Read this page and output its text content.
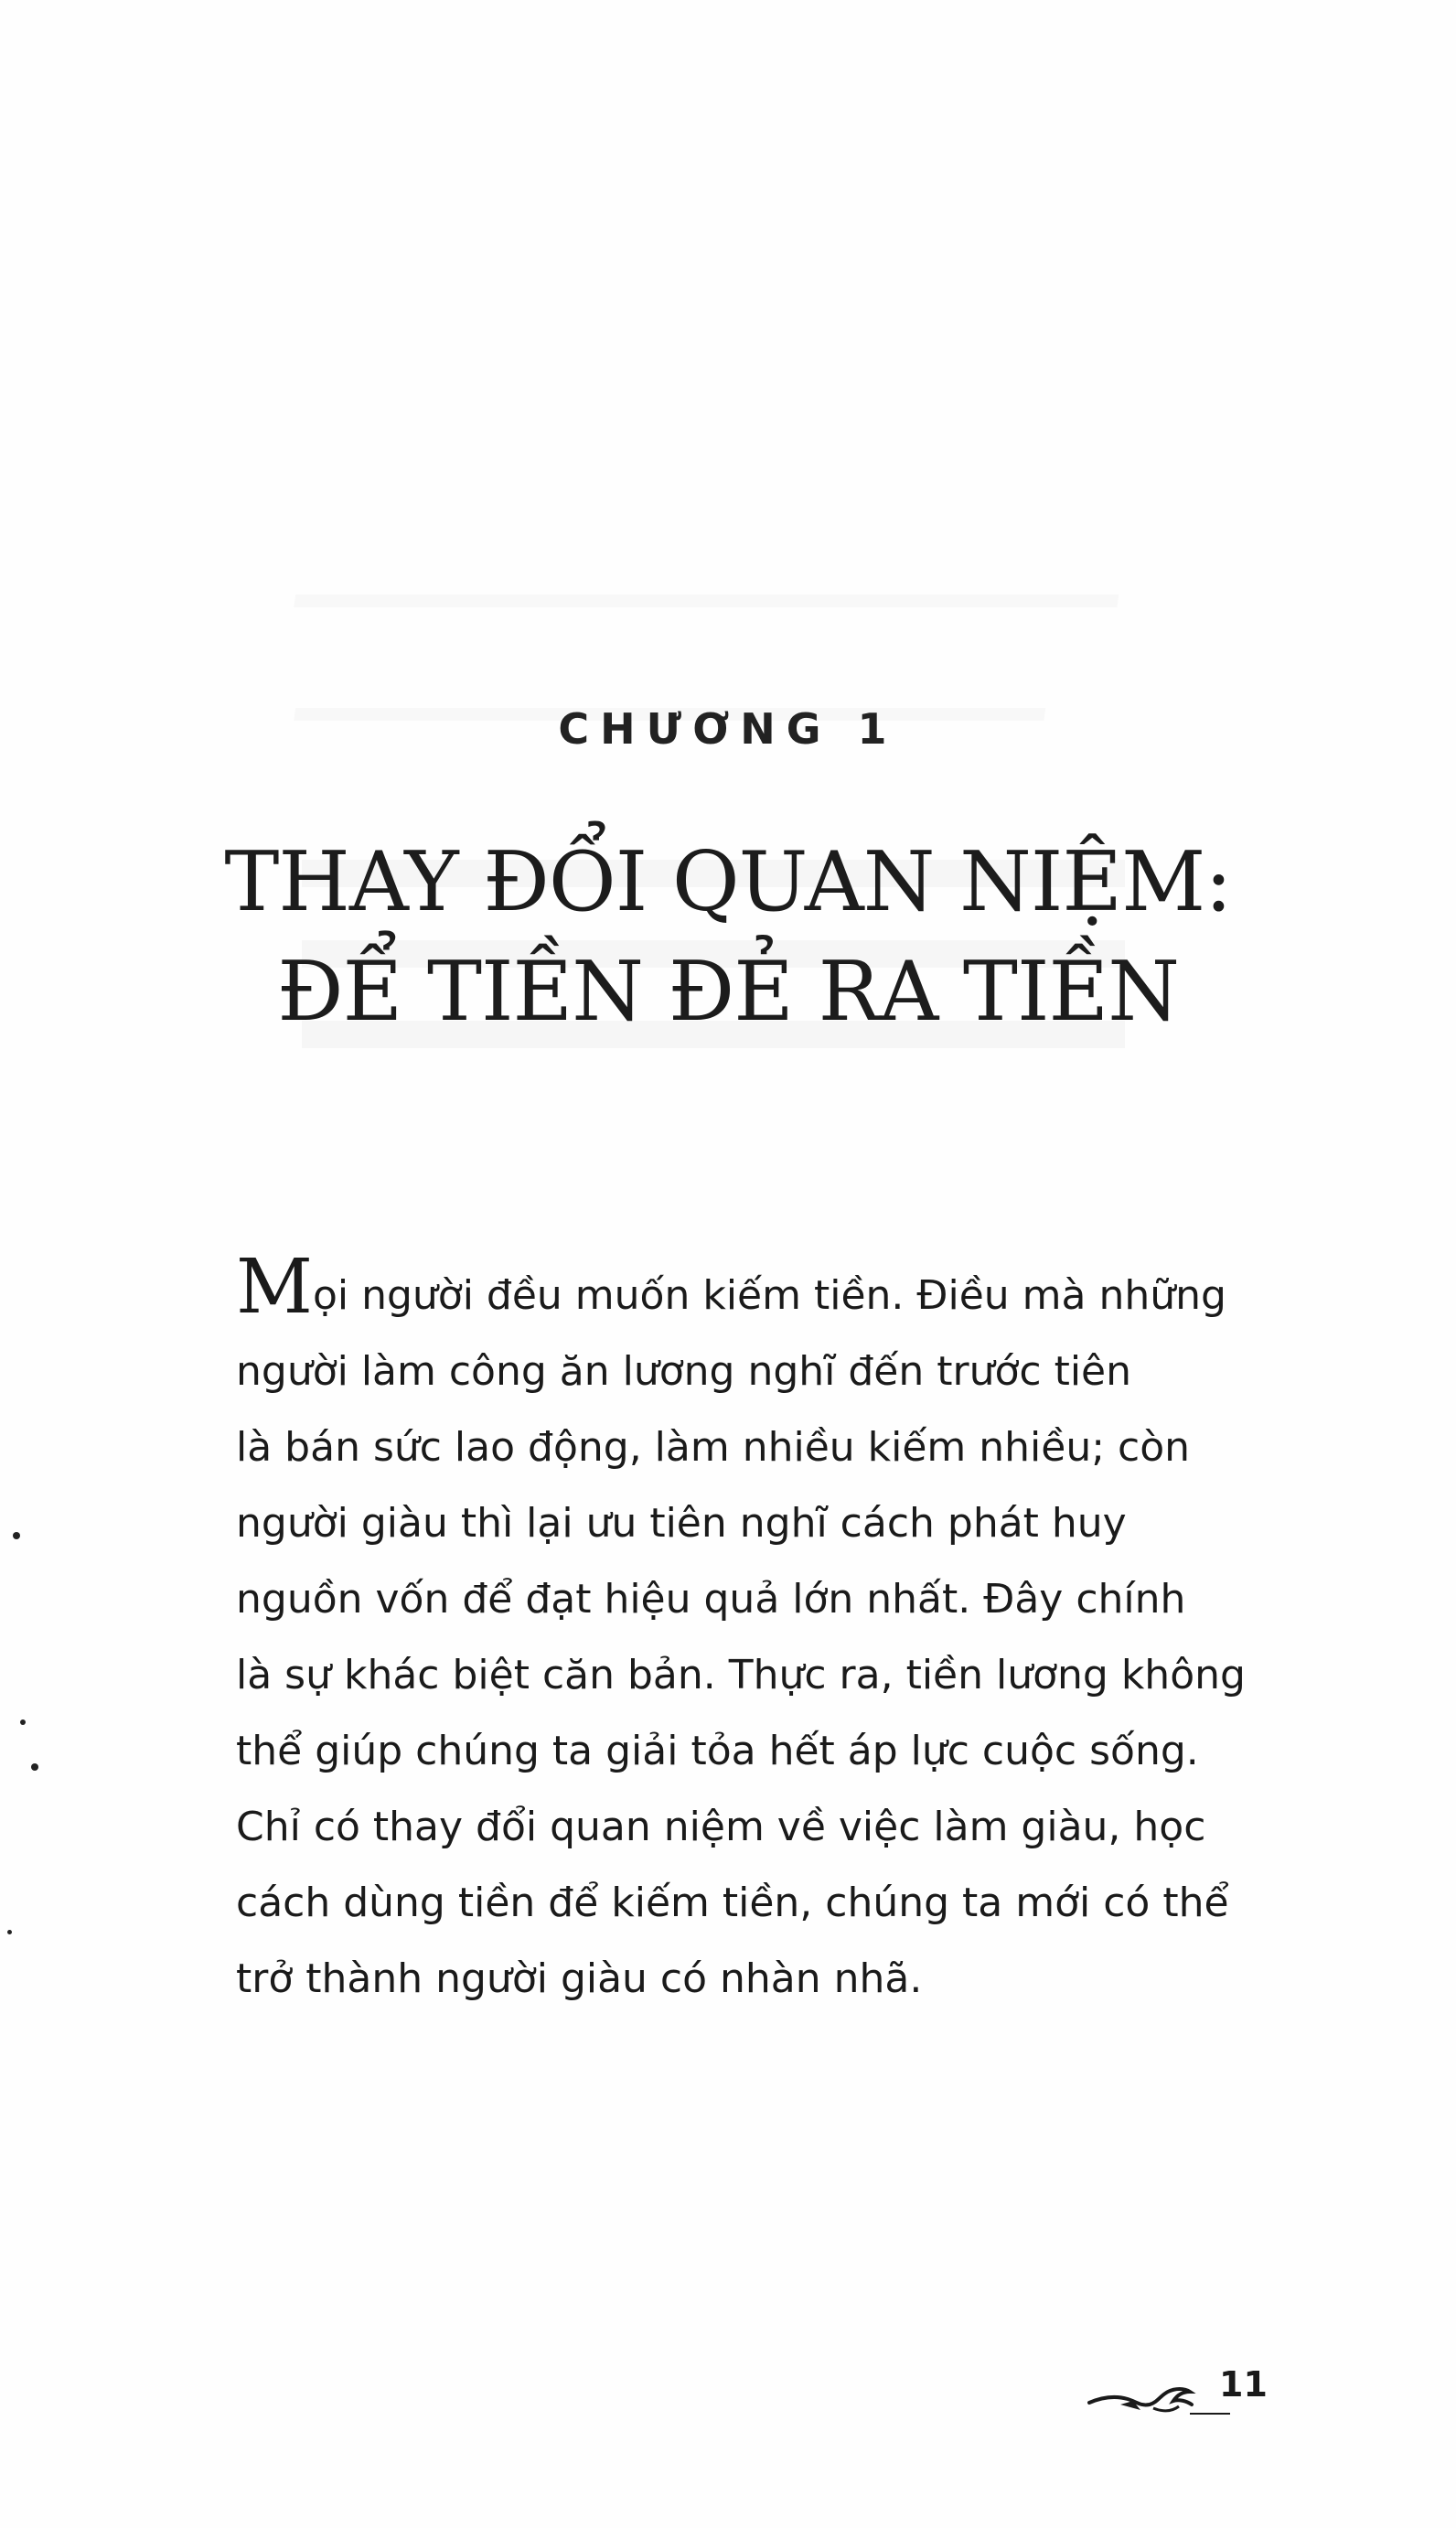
CHƯƠNG 1
THAY ĐỔI QUAN NIỆM:
ĐỂ TIỀN ĐẺ RA TIỀN

Mọi người đều muốn kiếm tiền. Điều mà những
người làm công ăn lương nghĩ đến trước tiên
là bán sức lao động, làm nhiều kiếm nhiều; còn
người giàu thì lại ưu tiên nghĩ cách phát huy
nguồn vốn để đạt hiệu quả lớn nhất. Đây chính
là sự khác biệt căn bản. Thực ra, tiền lương không
thể giúp chúng ta giải tỏa hết áp lực cuộc sống.
Chỉ có thay đổi quan niệm về việc làm giàu, học
cách dùng tiền để kiếm tiền, chúng ta mới có thể
trở thành người giàu có nhàn nhã.

11
